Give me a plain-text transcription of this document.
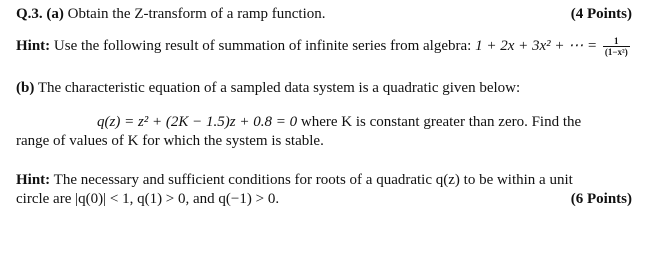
Q.3. (a) Obtain the Z-transform of a ramp function.	(4 Points)
Hint: Use the following result of summation of infinite series from algebra: 1 + 2x + 3x² + ⋯ = $\frac{1}{\text{(1−x²)}}$
(b) The characteristic equation of a sampled data system is a quadratic given below:
q(z) = z² + (2K − 1.5)z + 0.8 = 0 where K is constant greater than zero. Find the
range of values of K for which the system is stable.
Hint: The necessary and sufficient conditions for roots of a quadratic q(z) to be within a unit
circle are |q(0)| < 1, q(1) > 0, and q(−1) > 0.	(6 Points)
